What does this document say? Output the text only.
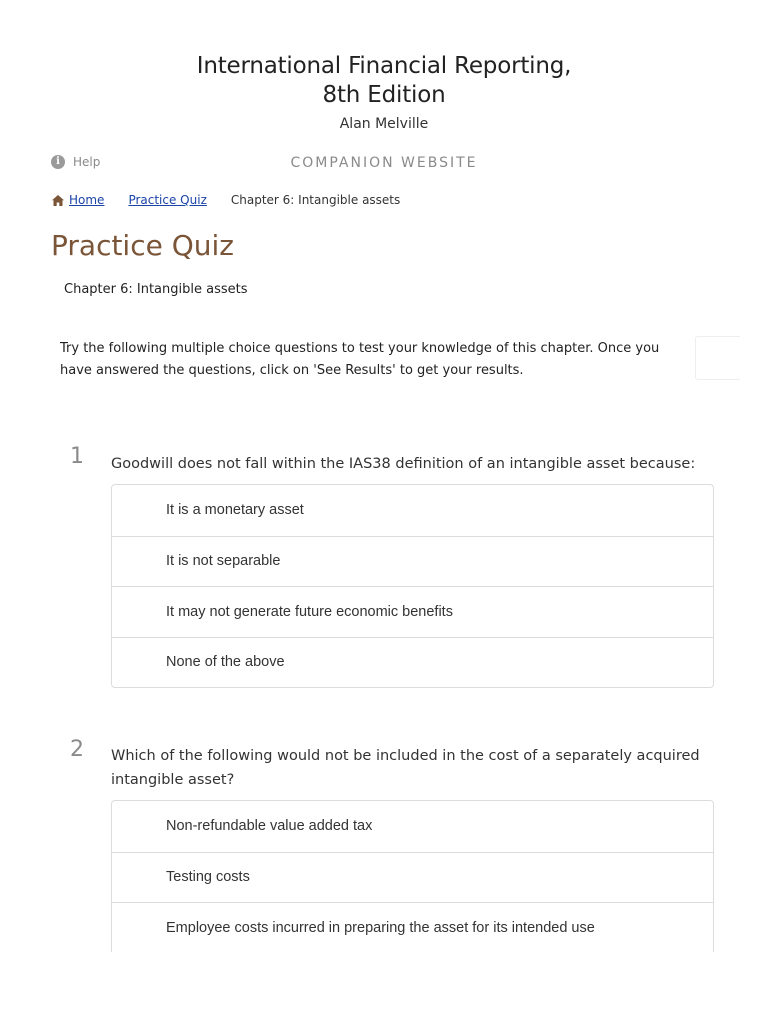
International Financial Reporting,
8th Edition
Alan Melville
i	Help	COMPANION WEBSITE
Home Practice Quiz Chapter 6: Intangible assets
Practice Quiz
Chapter 6: Intangible assets

Try the following multiple choice questions to test your knowledge of this chapter. Once you have answered the questions, click on 'See Results' to get your results.

1 Goodwill does not fall within the IAS38 definition of an intangible asset because:
It is a monetary asset
It is not separable
It may not generate future economic benefits
None of the above
2 Which of the following would not be included in the cost of a separately acquired intangible asset?
Non-refundable value added tax
Testing costs
Employee costs incurred in preparing the asset for its intended use
